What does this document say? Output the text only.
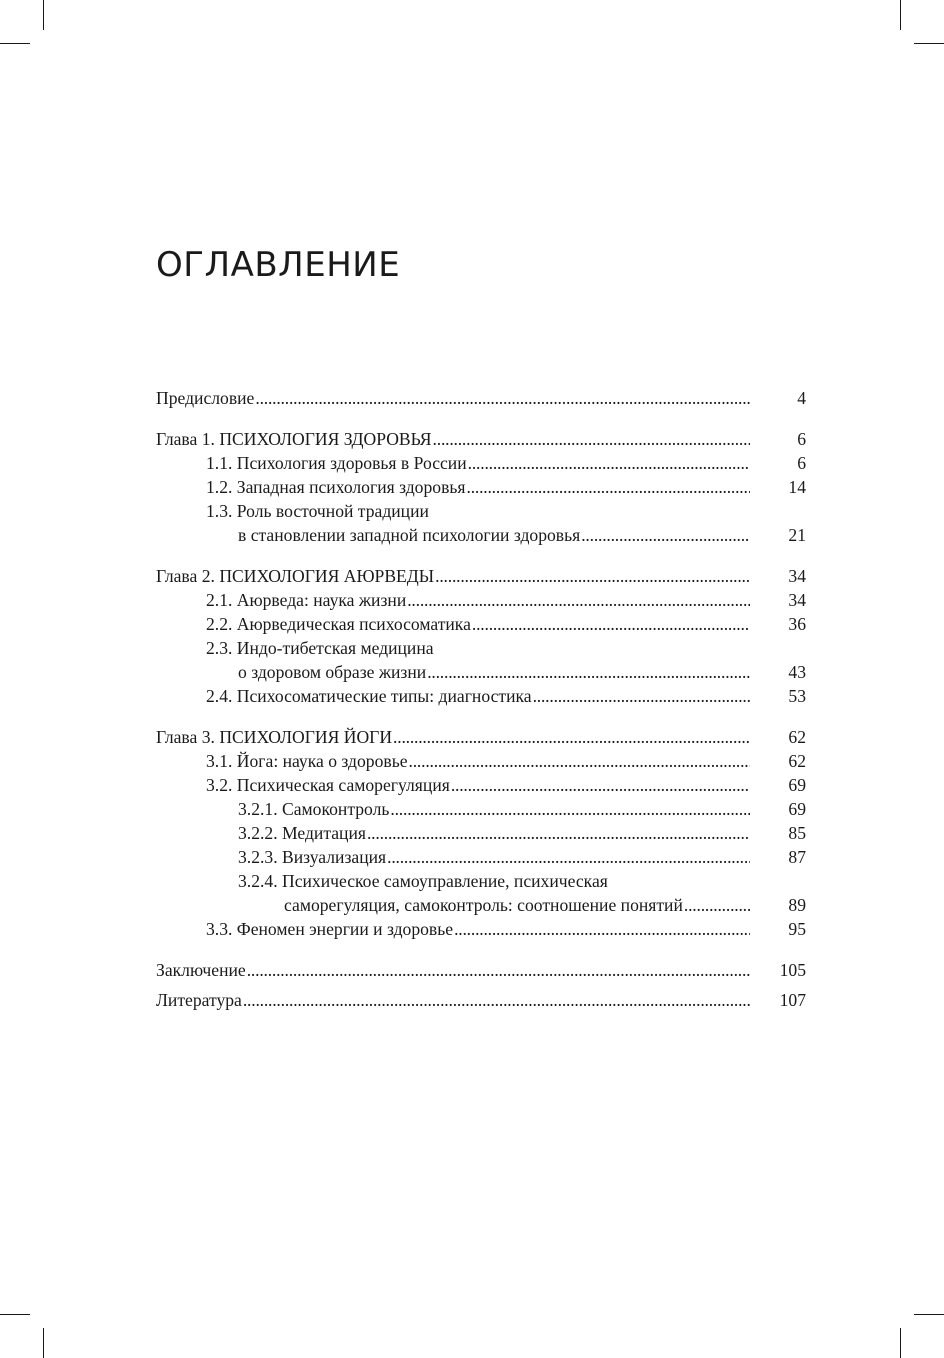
ОГЛАВЛЕНИЕ
Предисловие . . .	4
Глава 1. ПСИХОЛОГИЯ ЗДОРОВЬЯ . . .	6
1.1. Психология здоровья в России . . .	6
1.2. Западная психология здоровья . . .	14
1.3. Роль восточной традиции
в становлении западной психологии здоровья . . .	21
Глава 2. ПСИХОЛОГИЯ АЮРВЕДЫ . . .	34
2.1. Аюрведа: наука жизни . . .	34
2.2. Аюрведическая психосоматика . . .	36
2.3. Индо-тибетская медицина
о здоровом образе жизни . . .	43
2.4. Психосоматические типы: диагностика . . .	53
Глава 3. ПСИХОЛОГИЯ ЙОГИ . . .	62
3.1. Йога: наука о здоровье . . .	62
3.2. Психическая саморегуляция . . .	69
3.2.1. Самоконтроль . . .	69
3.2.2. Медитация . . .	85
3.2.3. Визуализация . . .	87
3.2.4. Психическое самоуправление, психическая
саморегуляция, самоконтроль: соотношение понятий . . .	89
3.3. Феномен энергии и здоровье . . .	95
Заключение . . .	105
Литература . . .	107
